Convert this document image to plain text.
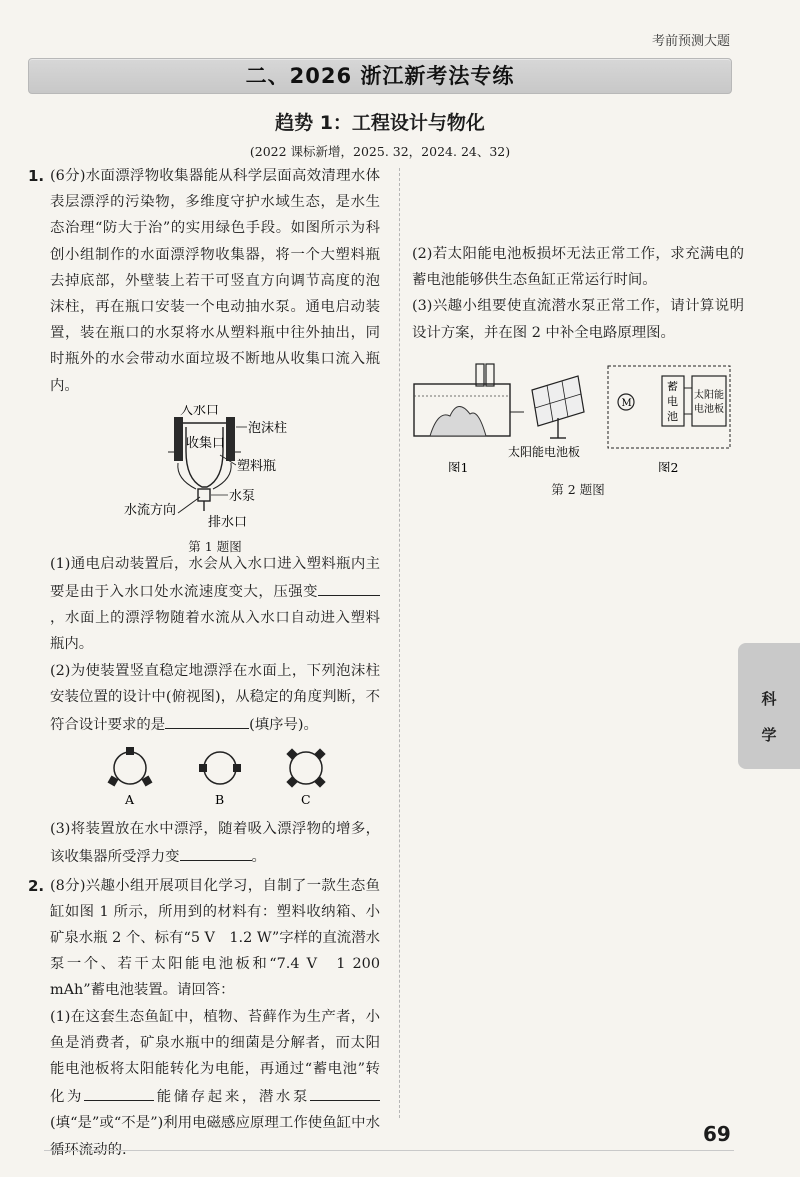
考前预测大题
二、2026 浙江新考法专练
趋势 1：工程设计与物化
(2022 课标新增，2025. 32，2024. 24、32)
1. (6分)水面漂浮物收集器能从科学层面高效清理水体表层漂浮的污染物，多维度守护水域生态，是水生态治理“防大于治”的实用绿色手段。如图所示为科创小组制作的水面漂浮物收集器，将一个大塑料瓶去掉底部，外壁装上若干可竖直方向调节高度的泡沫柱，再在瓶口安装一个电动抽水泵。通电启动装置，装在瓶口的水泵将水从塑料瓶中往外抽出，同时瓶外的水会带动水面垃圾不断地从收集口流入瓶内。

入水口
泡沫柱
收集口
塑料瓶
水泵
水流方向
排水口
第 1 题图

(1)通电启动装置后，水会从入水口进入塑料瓶内主要是由于入水口处水流速度变大，压强变，水面上的漂浮物随着水流从入水口自动进入塑料瓶内。

(2)为使装置竖直稳定地漂浮在水面上，下列泡沫柱安装位置的设计中(俯视图)，从稳定的角度判断，不符合设计要求的是	(填序号)。

A	B	C

(3)将装置放在水中漂浮，随着吸入漂浮物的增多，该收集器所受浮力变	。

2. (8分)兴趣小组开展项目化学习，自制了一款生态鱼缸如图 1 所示，所用到的材料有：塑料收纳箱、小矿泉水瓶 2 个、标有“5 V　1.2 W”字样的直流潜水泵一个、若干太阳能电池板和“7.4 V　1 200 mAh”蓄电池装置。请回答：

(1)在这套生态鱼缸中，植物、苔藓作为生产者，小鱼是消费者，矿泉水瓶中的细菌是分解者，而太阳能电池板将太阳能转化为电能，再通过“蓄电池”转化为	能储存起来，潜水泵(填“是”或“不是”)利用电磁感应原理工作使鱼缸中水循环流动的.

(2)若太阳能电池板损坏无法正常工作，求充满电的蓄电池能够供生态鱼缸正常运行时间。

(3)兴趣小组要使直流潜水泵正常工作，请计算说明设计方案，并在图 2 中补全电路原理图。

太阳能电池板
M
蓄
电
池
太阳能
电池板
图1	图2
第 2 题图
科学
69
